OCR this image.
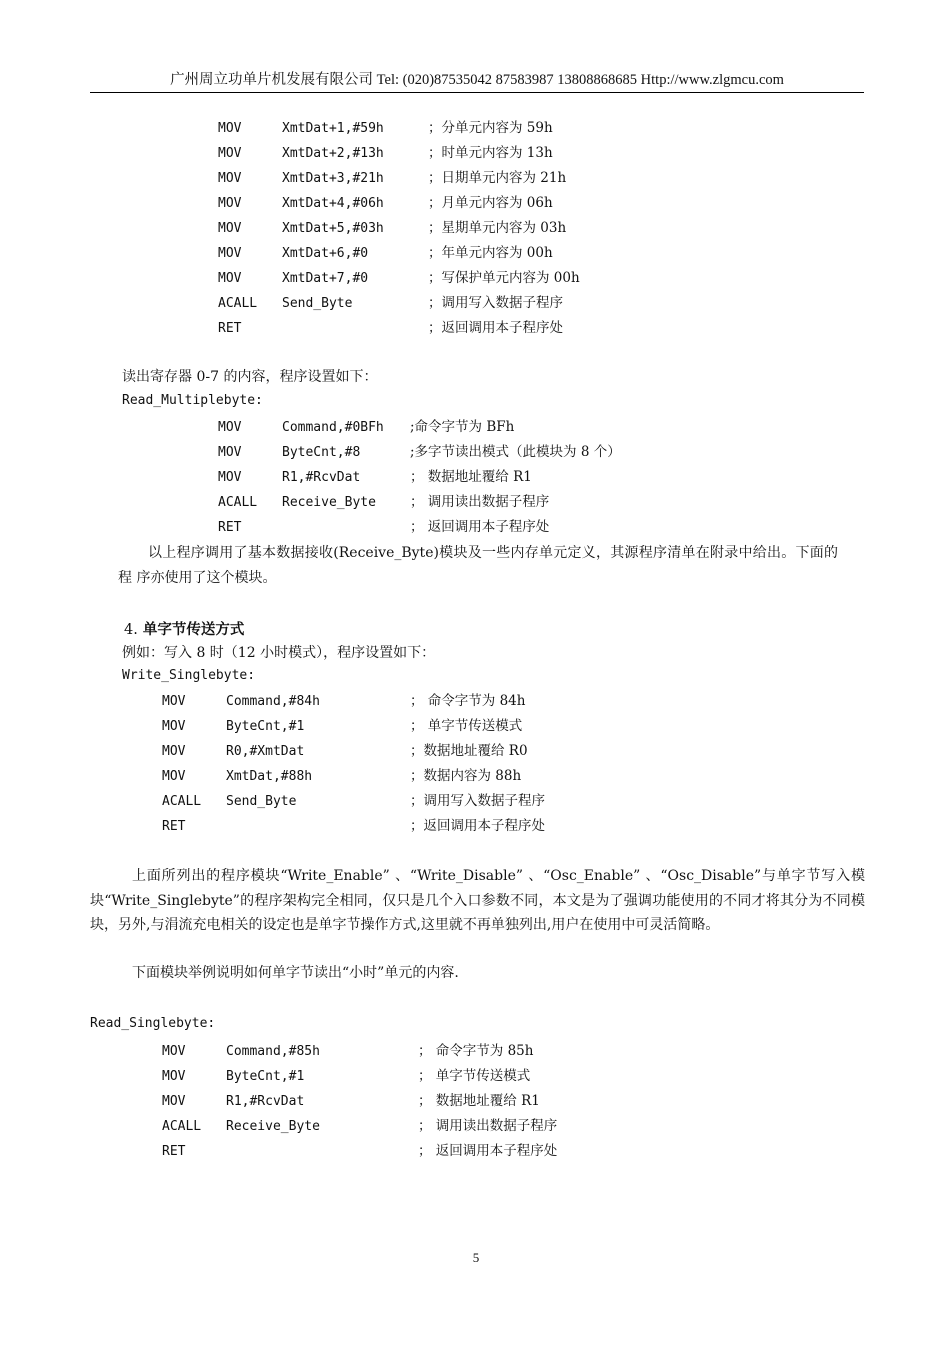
广州周立功单片机发展有限公司 Tel: (020)87535042 87583987 13808868685 Http://www.zlgmcu.com
MOV	XmtDat+1,#59h	；分单元内容为 59h
MOV	XmtDat+2,#13h	；时单元内容为 13h
MOV	XmtDat+3,#21h	；日期单元内容为 21h
MOV	XmtDat+4,#06h	；月单元内容为 06h
MOV	XmtDat+5,#03h	；星期单元内容为 03h
MOV	XmtDat+6,#0	；年单元内容为 00h
MOV	XmtDat+7,#0	；写保护单元内容为 00h
ACALL Send_Byte	；调用写入数据子程序
RET	；返回调用本子程序处
读出寄存器 0-7 的内容，程序设置如下：
Read_Multiplebyte:
MOV	Command,#0BFh ;命令字节为 BFh
MOV	ByteCnt,#8	;多字节读出模式（此模块为 8 个）
MOV	R1,#RcvDat	； 数据地址覆给 R1
ACALL Receive_Byte	； 调用读出数据子程序
RET	； 返回调用本子程序处
以上程序调用了基本数据接收(Receive_Byte)模块及一些内存单元定义，其源程序清单在附录中给出。下面的程 序亦使用了这个模块。
4. 单字节传送方式
例如：写入 8 时（12 小时模式），程序设置如下：
Write_Singlebyte:
MOV	Command,#84h	； 命令字节为 84h
MOV	ByteCnt,#1	； 单字节传送模式
MOV	R0,#XmtDat	；数据地址覆给 R0
MOV	XmtDat,#88h	；数据内容为 88h
ACALL Send_Byte	；调用写入数据子程序
RET	；返回调用本子程序处
上面所列出的程序模块“Write_Enable” 、“Write_Disable” 、“Osc_Enable” 、“Osc_Disable”与单字节写入模块“Write_Singlebyte”的程序架构完全相同，仅只是几个入口参数不同，本文是为了强调功能使用的不同才将其分为不同模块，另外,与涓流充电相关的设定也是单字节操作方式,这里就不再单独列出,用户在使用中可灵活简略。
下面模块举例说明如何单字节读出“小时”单元的内容.
Read_Singlebyte:
MOV	Command,#85h	； 命令字节为 85h
MOV	ByteCnt,#1	； 单字节传送模式
MOV	R1,#RcvDat	； 数据地址覆给 R1
ACALL Receive_Byte	； 调用读出数据子程序
RET	； 返回调用本子程序处
5
